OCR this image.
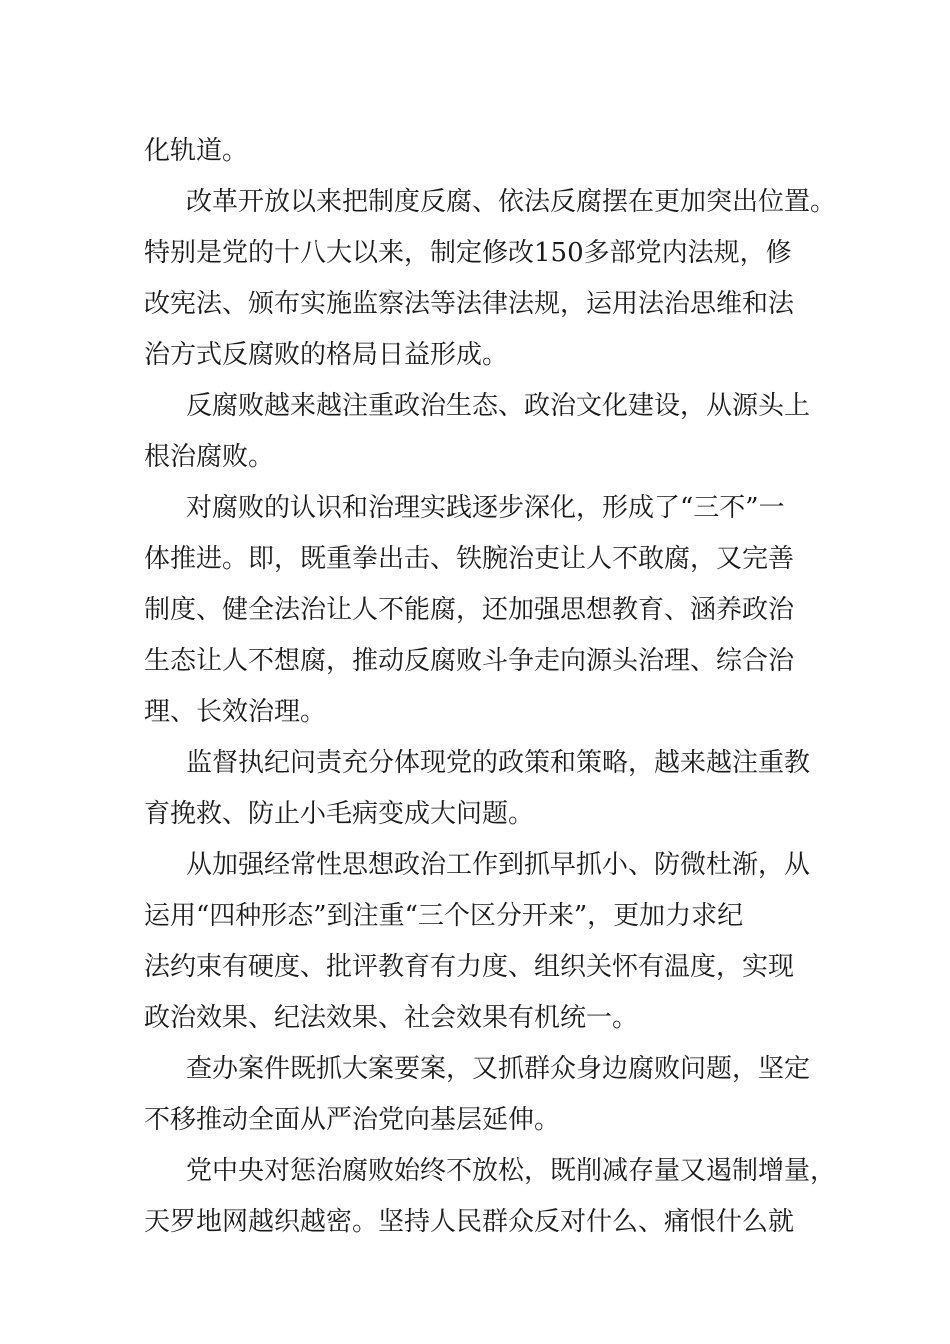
化轨道。
改革开放以来把制度反腐、依法反腐摆在更加突出位置。
特别是党的十八大以来，制定修改150多部党内法规，修
改宪法、颁布实施监察法等法律法规，运用法治思维和法
治方式反腐败的格局日益形成。
反腐败越来越注重政治生态、政治文化建设，从源头上
根治腐败。
对腐败的认识和治理实践逐步深化，形成了“三不”一
体推进。即，既重拳出击、铁腕治吏让人不敢腐，又完善
制度、健全法治让人不能腐，还加强思想教育、涵养政治
生态让人不想腐，推动反腐败斗争走向源头治理、综合治
理、长效治理。
监督执纪问责充分体现党的政策和策略，越来越注重教
育挽救、防止小毛病变成大问题。
从加强经常性思想政治工作到抓早抓小、防微杜渐，从
运用“四种形态”到注重“三个区分开来”，更加力求纪
法约束有硬度、批评教育有力度、组织关怀有温度，实现
政治效果、纪法效果、社会效果有机统一。
查办案件既抓大案要案，又抓群众身边腐败问题，坚定
不移推动全面从严治党向基层延伸。
党中央对惩治腐败始终不放松，既削减存量又遏制增量，
天罗地网越织越密。坚持人民群众反对什么、痛恨什么就
